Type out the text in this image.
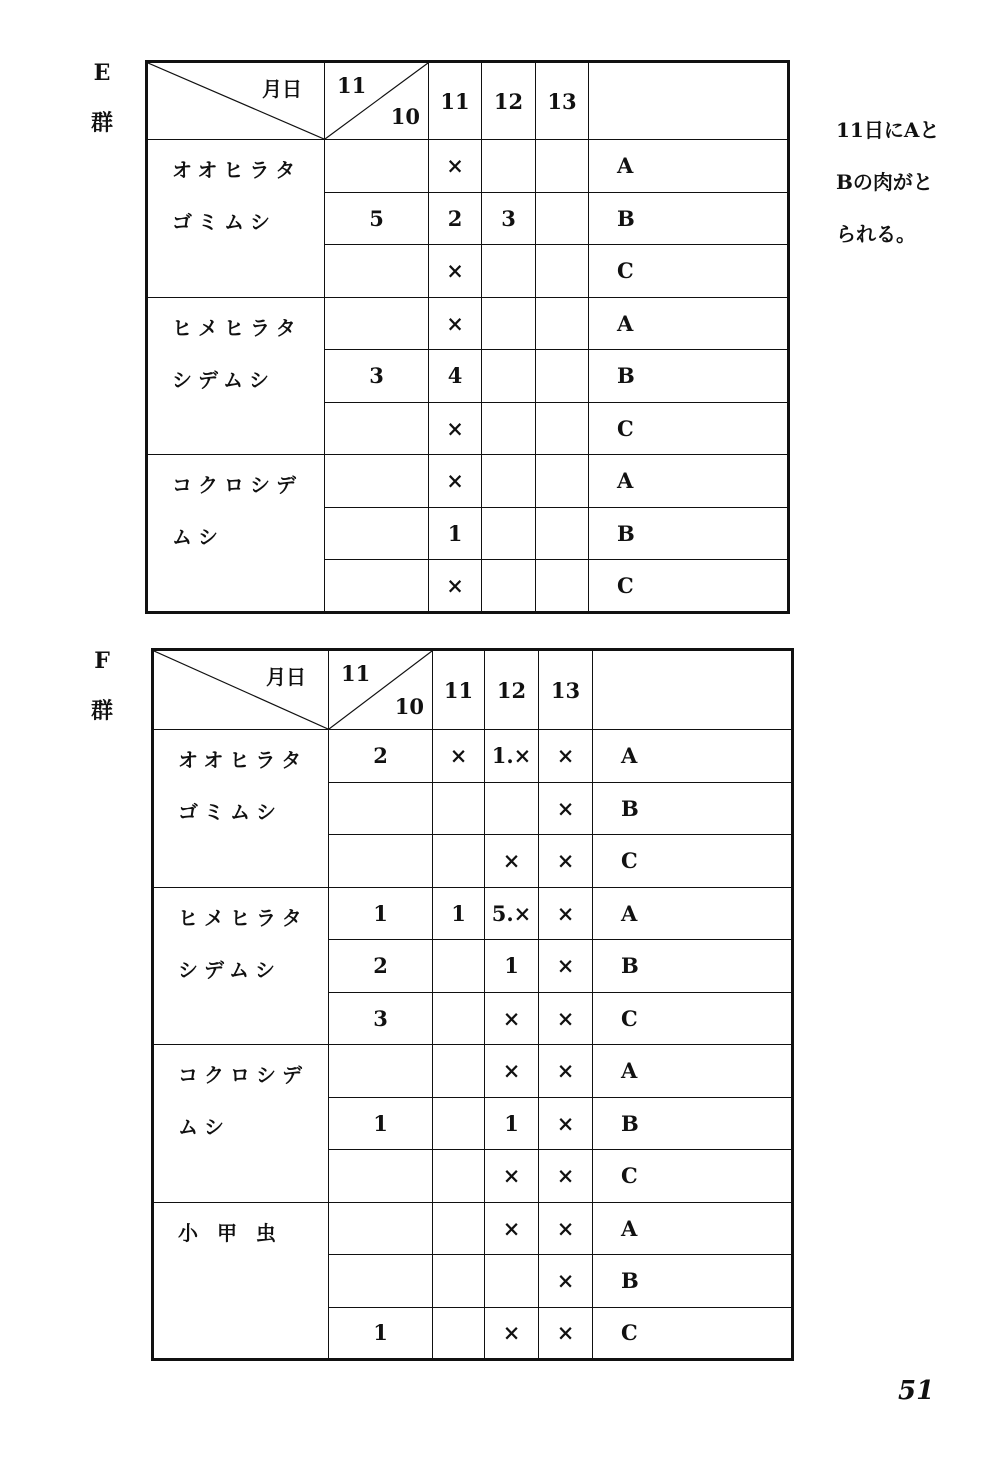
E
群
月日	11
10	11	12	13	

オオヒラタ
ゴミムシ		×			A
	5	2	3		B
		×			C

ヒメヒラタ
シデムシ		×			A
	3	4			B
		×			C

コクロシデ
ムシ		×			A
		1			B
		×			C
11日にAと
Bの肉がと
られる。
F
群
月日	11
10	11	12	13	

オオヒラタ
ゴミムシ	2	×	1.×	×	A
				×	B
			×	×	C

ヒメヒラタ
シデムシ	1	1	5.×	×	A
	2		1	×	B
	3		×	×	C

コクロシデ
ムシ			×	×	A
	1		1	×	B
			×	×	C

小 甲 虫			×	×	A
				×	B
	1		×	×	C
51
